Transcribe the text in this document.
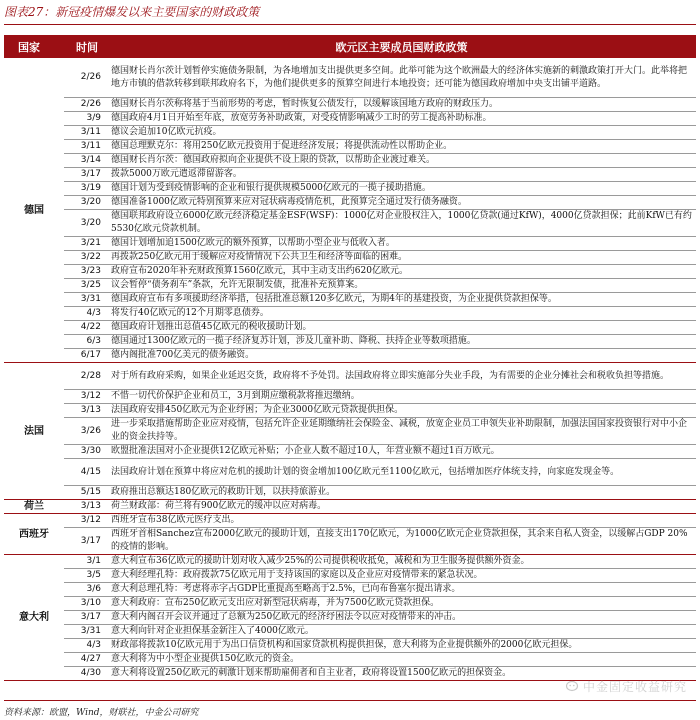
图表27：新冠疫情爆发以来主要国家的财政政策
国家	时间	欧元区主要成员国财政政策
德国	2/26	德国财长肖尔茨计划暂停实施债务限制，为各地增加支出提供更多空间。此举可能为这个欧洲最大的经济体实施新的刺激政策打开大门。此举将把地方市镇的借款转移到联邦政府名下，为他们提供更多的预算空间进行本地投资；还可能为德国政府增加中央支出铺平道路。

	2/26	德国财长肖尔茨称将基于当前形势的考虑，暂时恢复公债发行，以缓解该国地方政府的财政压力。

	3/9	德国政府4月1日开始至年底，放宽劳务补助政策，对受疫情影响减少工时的劳工提高补助标准。

	3/11	德议会追加10亿欧元抗疫。

	3/11	德国总理默克尔：将用250亿欧元投资用于促进经济发展；将提供流动性以帮助企业。

	3/14	德国财长肖尔茨：德国政府拟向企业提供不设上限的贷款，以帮助企业渡过难关。

	3/17	拨款5000万欧元遣返滞留游客。

	3/19	德国计划为受到疫情影响的企业和银行提供规模5000亿欧元的一揽子援助措施。

	3/20	德国准备1000亿欧元特别预算来应对冠状病毒疫情危机，此预算完全通过发行债务融资。

	3/20	德国联邦政府设立6000亿欧元经济稳定基金ESF(WSF)：1000亿对企业股权注入，1000亿贷款(通过KfW)，4000亿贷款担保；此前KfW已有约5530亿欧元贷款机制。

	3/21	德国计划增加追1500亿欧元的额外预算，以帮助小型企业与低收入者。

	3/22	再拨款250亿欧元用于缓解应对疫情情况下公共卫生和经济等面临的困难。

	3/23	政府宣布2020年补充财政预算1560亿欧元，其中主动支出约620亿欧元。

	3/25	议会暂停“债务刹车”条款，允许无限制发债，批准补充预算案。

	3/31	德国政府宣布有多项援助经济举措，包括批准总额120多亿欧元，为期4年的基建投资，为企业提供贷款担保等。

	4/3	将发行40亿欧元的12个月期零息债券。

	4/22	德国政府计划推出总值45亿欧元的税收援助计划。

	6/3	德国通过1300亿欧元的一揽子经济复苏计划，涉及儿童补助、降税、扶持企业等数项措施。

	6/17	德内阁批准700亿美元的债务融资。

法国	2/28	对于所有政府采购，如果企业延迟交货，政府将不予处罚。法国政府将立即实施部分失业手段，为有需要的企业分摊社会和税收负担等措施。

	3/12	不惜一切代价保护企业和员工，3月到期应缴税款将推迟缴纳。

	3/13	法国政府安排450亿欧元为企业纾困；为企业3000亿欧元贷款提供担保。

	3/26	进一步采取措施帮助企业应对疫情，包括允许企业延期缴纳社会保险金、减税，放宽企业员工申领失业补助限制，加强法国国家投资银行对中小企业的资金扶持等。

	3/30	欧盟批准法国对小企业提供12亿欧元补贴；小企业人数不超过10人，年营业额不超过1百万欧元。

	4/15	法国政府计划在预算中将应对危机的援助计划的资金增加100亿欧元至1100亿欧元，包括增加医疗体统支持，向家庭发现金等。

	5/15	政府推出总额达180亿欧元的救助计划，以扶持旅游业。

荷兰	3/13	荷兰财政部：荷兰将有900亿欧元的缓冲以应对病毒。

西班牙	3/12	西班牙宣布38亿欧元医疗支出。

	3/17	西班牙首相Sanchez宣布2000亿欧元的援助计划，直接支出170亿欧元，为1000亿欧元企业贷款担保，其余来自私人资金，以缓解占GDP 20%的疫情的影响。

意大利	3/1	意大利宣布36亿欧元的援助计划对收入减少25%的公司提供税收抵免，减税和为卫生服务提供额外资金。

	3/5	意大利经理孔特：政府拨款75亿欧元用于支持该国的家庭以及企业应对疫情带来的紧急状况。

	3/6	意大利总理孔特：考虑将赤字占GDP比重提高至略高于2.5%，已向布鲁塞尔提出请求。

	3/10	意大利政府：宣布250亿欧元支出应对新型冠状病毒，并为7500亿欧元贷款担保。

	3/17	意大利内阁召开会议并通过了总额为250亿欧元的经济纾困法令以应对疫情带来的冲击。

	3/31	意大利向针对企业担保基金新注入了4000亿欧元。

	4/3	财政部将拨款10亿欧元用于为出口信贷机构和国家贷款机构提供担保，意大利将为企业提供额外的2000亿欧元担保。

	4/27	意大利将为中小型企业提供150亿欧元的资金。

	4/30	意大利将设置250亿欧元的刺激计划来帮助雇佣者和自主业者，政府将设置1500亿欧元的担保资金。
资料来源：欧盟，Wind，财联社，中金公司研究
中金固定收益研究
